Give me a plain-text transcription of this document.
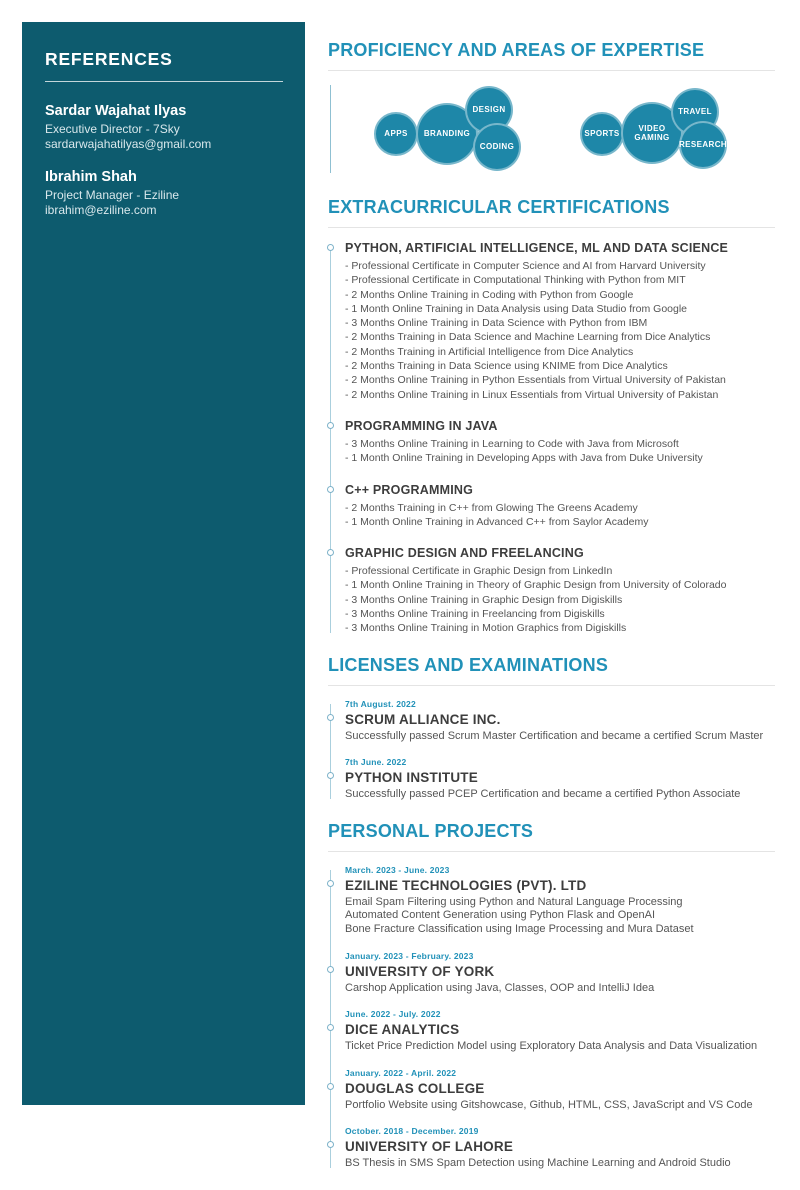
REFERENCES
Sardar Wajahat Ilyas
Executive Director - 7Sky
sardarwajahatilyas@gmail.com
Ibrahim Shah
Project Manager - Eziline
ibrahim@eziline.com
PROFICIENCY AND AREAS OF EXPERTISE
APPS	BRANDING
DESIGN
CODING
SPORTS
VIDEO GAMING
TRAVEL
RESEARCH
EXTRACURRICULAR CERTIFICATIONS
PYTHON, ARTIFICIAL INTELLIGENCE, ML AND DATA SCIENCE
- Professional Certificate in Computer Science and AI from Harvard University
- Professional Certificate in Computational Thinking with Python from MIT
- 2 Months Online Training in Coding with Python from Google
- 1 Month Online Training in Data Analysis using Data Studio from Google
- 3 Months Online Training in Data Science with Python from IBM
- 2 Months Training in Data Science and Machine Learning from Dice Analytics
- 2 Months Training in Artificial Intelligence from Dice Analytics
- 2 Months Training in Data Science using KNIME from Dice Analytics
- 2 Months Online Training in Python Essentials from Virtual University of Pakistan
- 2 Months Online Training in Linux Essentials from Virtual University of Pakistan
PROGRAMMING IN JAVA
- 3 Months Online Training in Learning to Code with Java from Microsoft
- 1 Month Online Training in Developing Apps with Java from Duke University
C++ PROGRAMMING
- 2 Months Training in C++ from Glowing The Greens Academy
- 1 Month Online Training in Advanced C++ from Saylor Academy
GRAPHIC DESIGN AND FREELANCING
- Professional Certificate in Graphic Design from LinkedIn
- 1 Month Online Training in Theory of Graphic Design from University of Colorado
- 3 Months Online Training in Graphic Design from Digiskills
- 3 Months Online Training in Freelancing from Digiskills
- 3 Months Online Training in Motion Graphics from Digiskills
LICENSES AND EXAMINATIONS
7th August. 2022
SCRUM ALLIANCE INC.
Successfully passed Scrum Master Certification and became a certified Scrum Master
7th June. 2022
PYTHON INSTITUTE
Successfully passed PCEP Certification and became a certified Python Associate
PERSONAL PROJECTS
March. 2023 - June. 2023
EZILINE TECHNOLOGIES (PVT). LTD
Email Spam Filtering using Python and Natural Language Processing
Automated Content Generation using Python Flask and OpenAI
Bone Fracture Classification using Image Processing and Mura Dataset
January. 2023 - February. 2023
UNIVERSITY OF YORK
Carshop Application using Java, Classes, OOP and IntelliJ Idea
June. 2022 - July. 2022
DICE ANALYTICS
Ticket Price Prediction Model using Exploratory Data Analysis and Data Visualization
January. 2022 - April. 2022
DOUGLAS COLLEGE
Portfolio Website using Gitshowcase, Github, HTML, CSS, JavaScript and VS Code
October. 2018 - December. 2019
UNIVERSITY OF LAHORE
BS Thesis in SMS Spam Detection using Machine Learning and Android Studio
